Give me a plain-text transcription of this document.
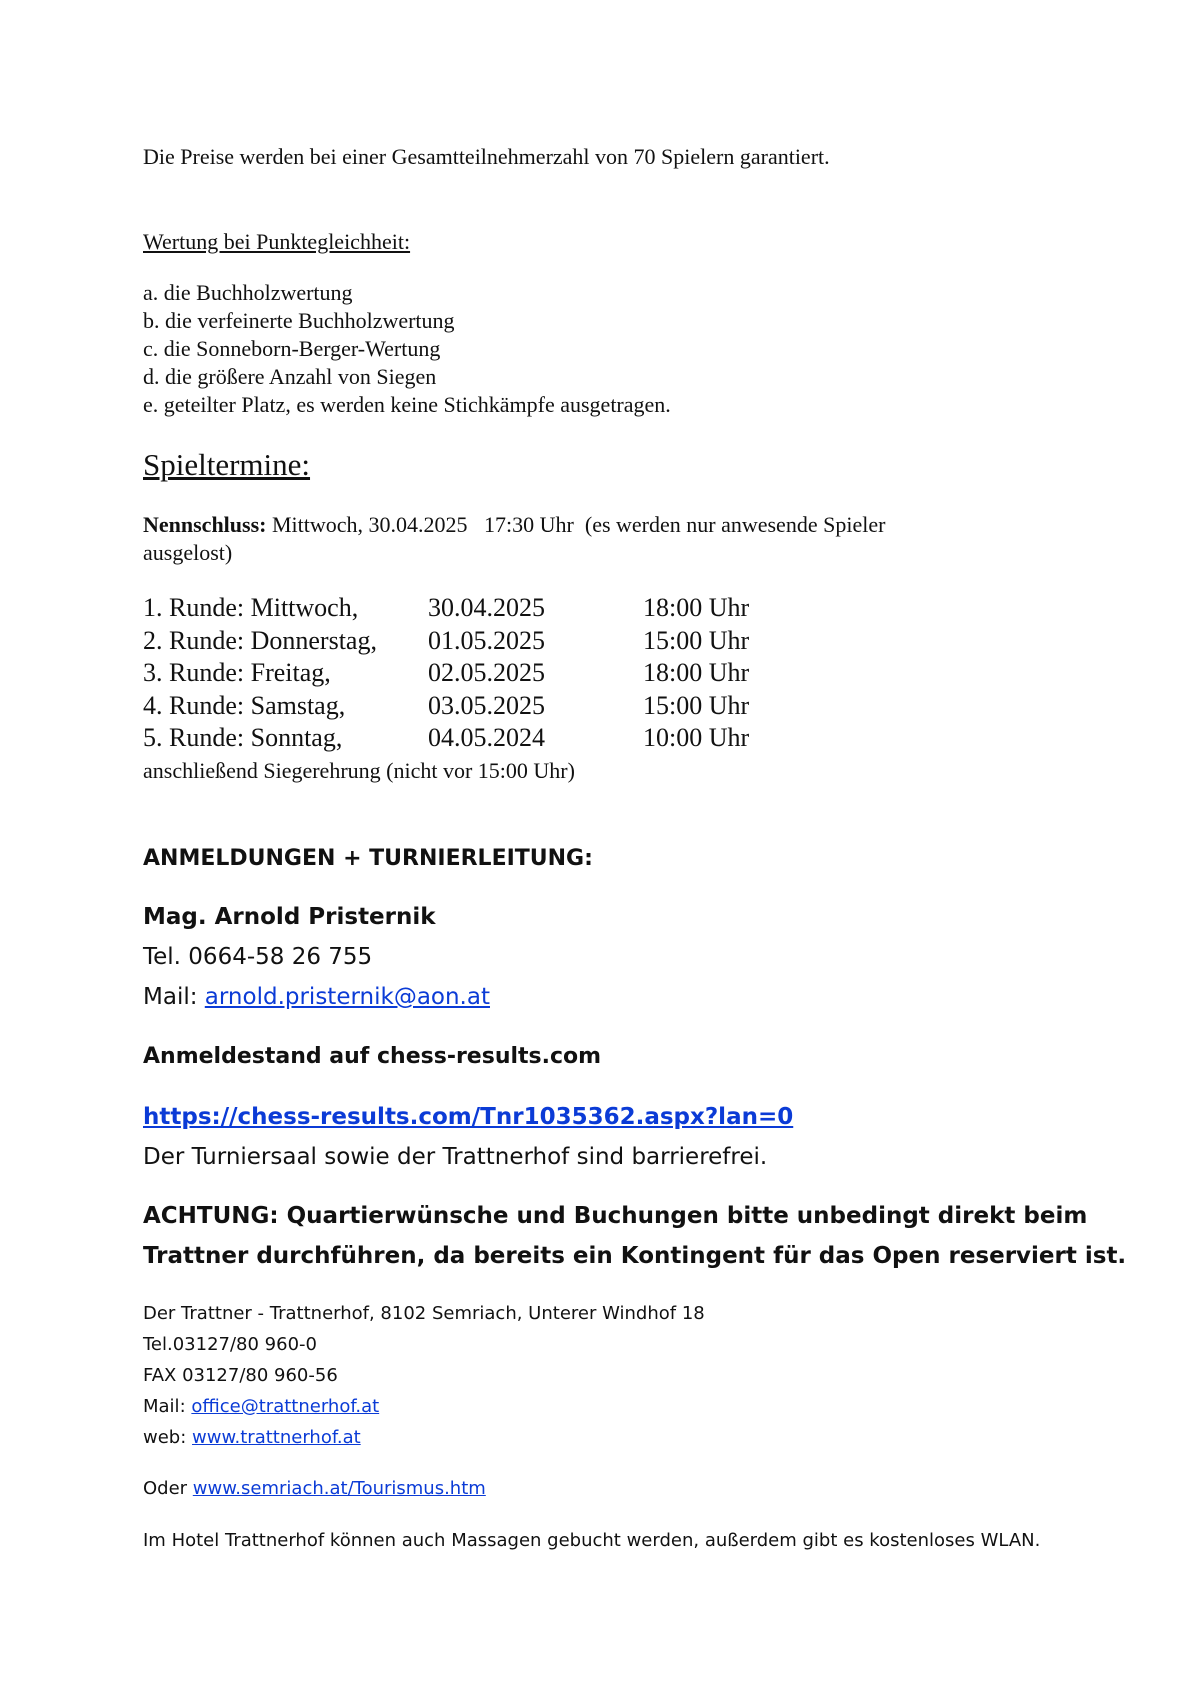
Die Preise werden bei einer Gesamtteilnehmerzahl von 70 Spielern garantiert.
Wertung bei Punktegleichheit:
a. die Buchholzwertung
b. die verfeinerte Buchholzwertung
c. die Sonneborn-Berger-Wertung
d. die größere Anzahl von Siegen
e. geteilter Platz, es werden keine Stichkämpfe ausgetragen.
Spieltermine:
Nennschluss: Mittwoch, 30.04.2025   17:30 Uhr  (es werden nur anwesende Spieler
ausgelost)
1. Runde: Mittwoch,	30.04.2025	18:00 Uhr
2. Runde: Donnerstag,	01.05.2025	15:00 Uhr
3. Runde: Freitag,	02.05.2025	18:00 Uhr
4. Runde: Samstag,	03.05.2025	15:00 Uhr
5. Runde: Sonntag,	04.05.2024	10:00 Uhr
anschließend Siegerehrung (nicht vor 15:00 Uhr)
ANMELDUNGEN + TURNIERLEITUNG:
Mag. Arnold Pristernik
Tel. 0664-58 26 755
Mail: arnold.pristernik@aon.at
Anmeldestand auf chess-results.com
https://chess-results.com/Tnr1035362.aspx?lan=0
Der Turniersaal sowie der Trattnerhof sind barrierefrei.
ACHTUNG: Quartierwünsche und Buchungen bitte unbedingt direkt beim
Trattner durchführen, da bereits ein Kontingent für das Open reserviert ist.
Der Trattner - Trattnerhof, 8102 Semriach, Unterer Windhof 18
Tel.03127/80 960-0
FAX 03127/80 960-56
Mail: office@trattnerhof.at
web: www.trattnerhof.at
Oder www.semriach.at/Tourismus.htm
Im Hotel Trattnerhof können auch Massagen gebucht werden, außerdem gibt es kostenloses WLAN.
